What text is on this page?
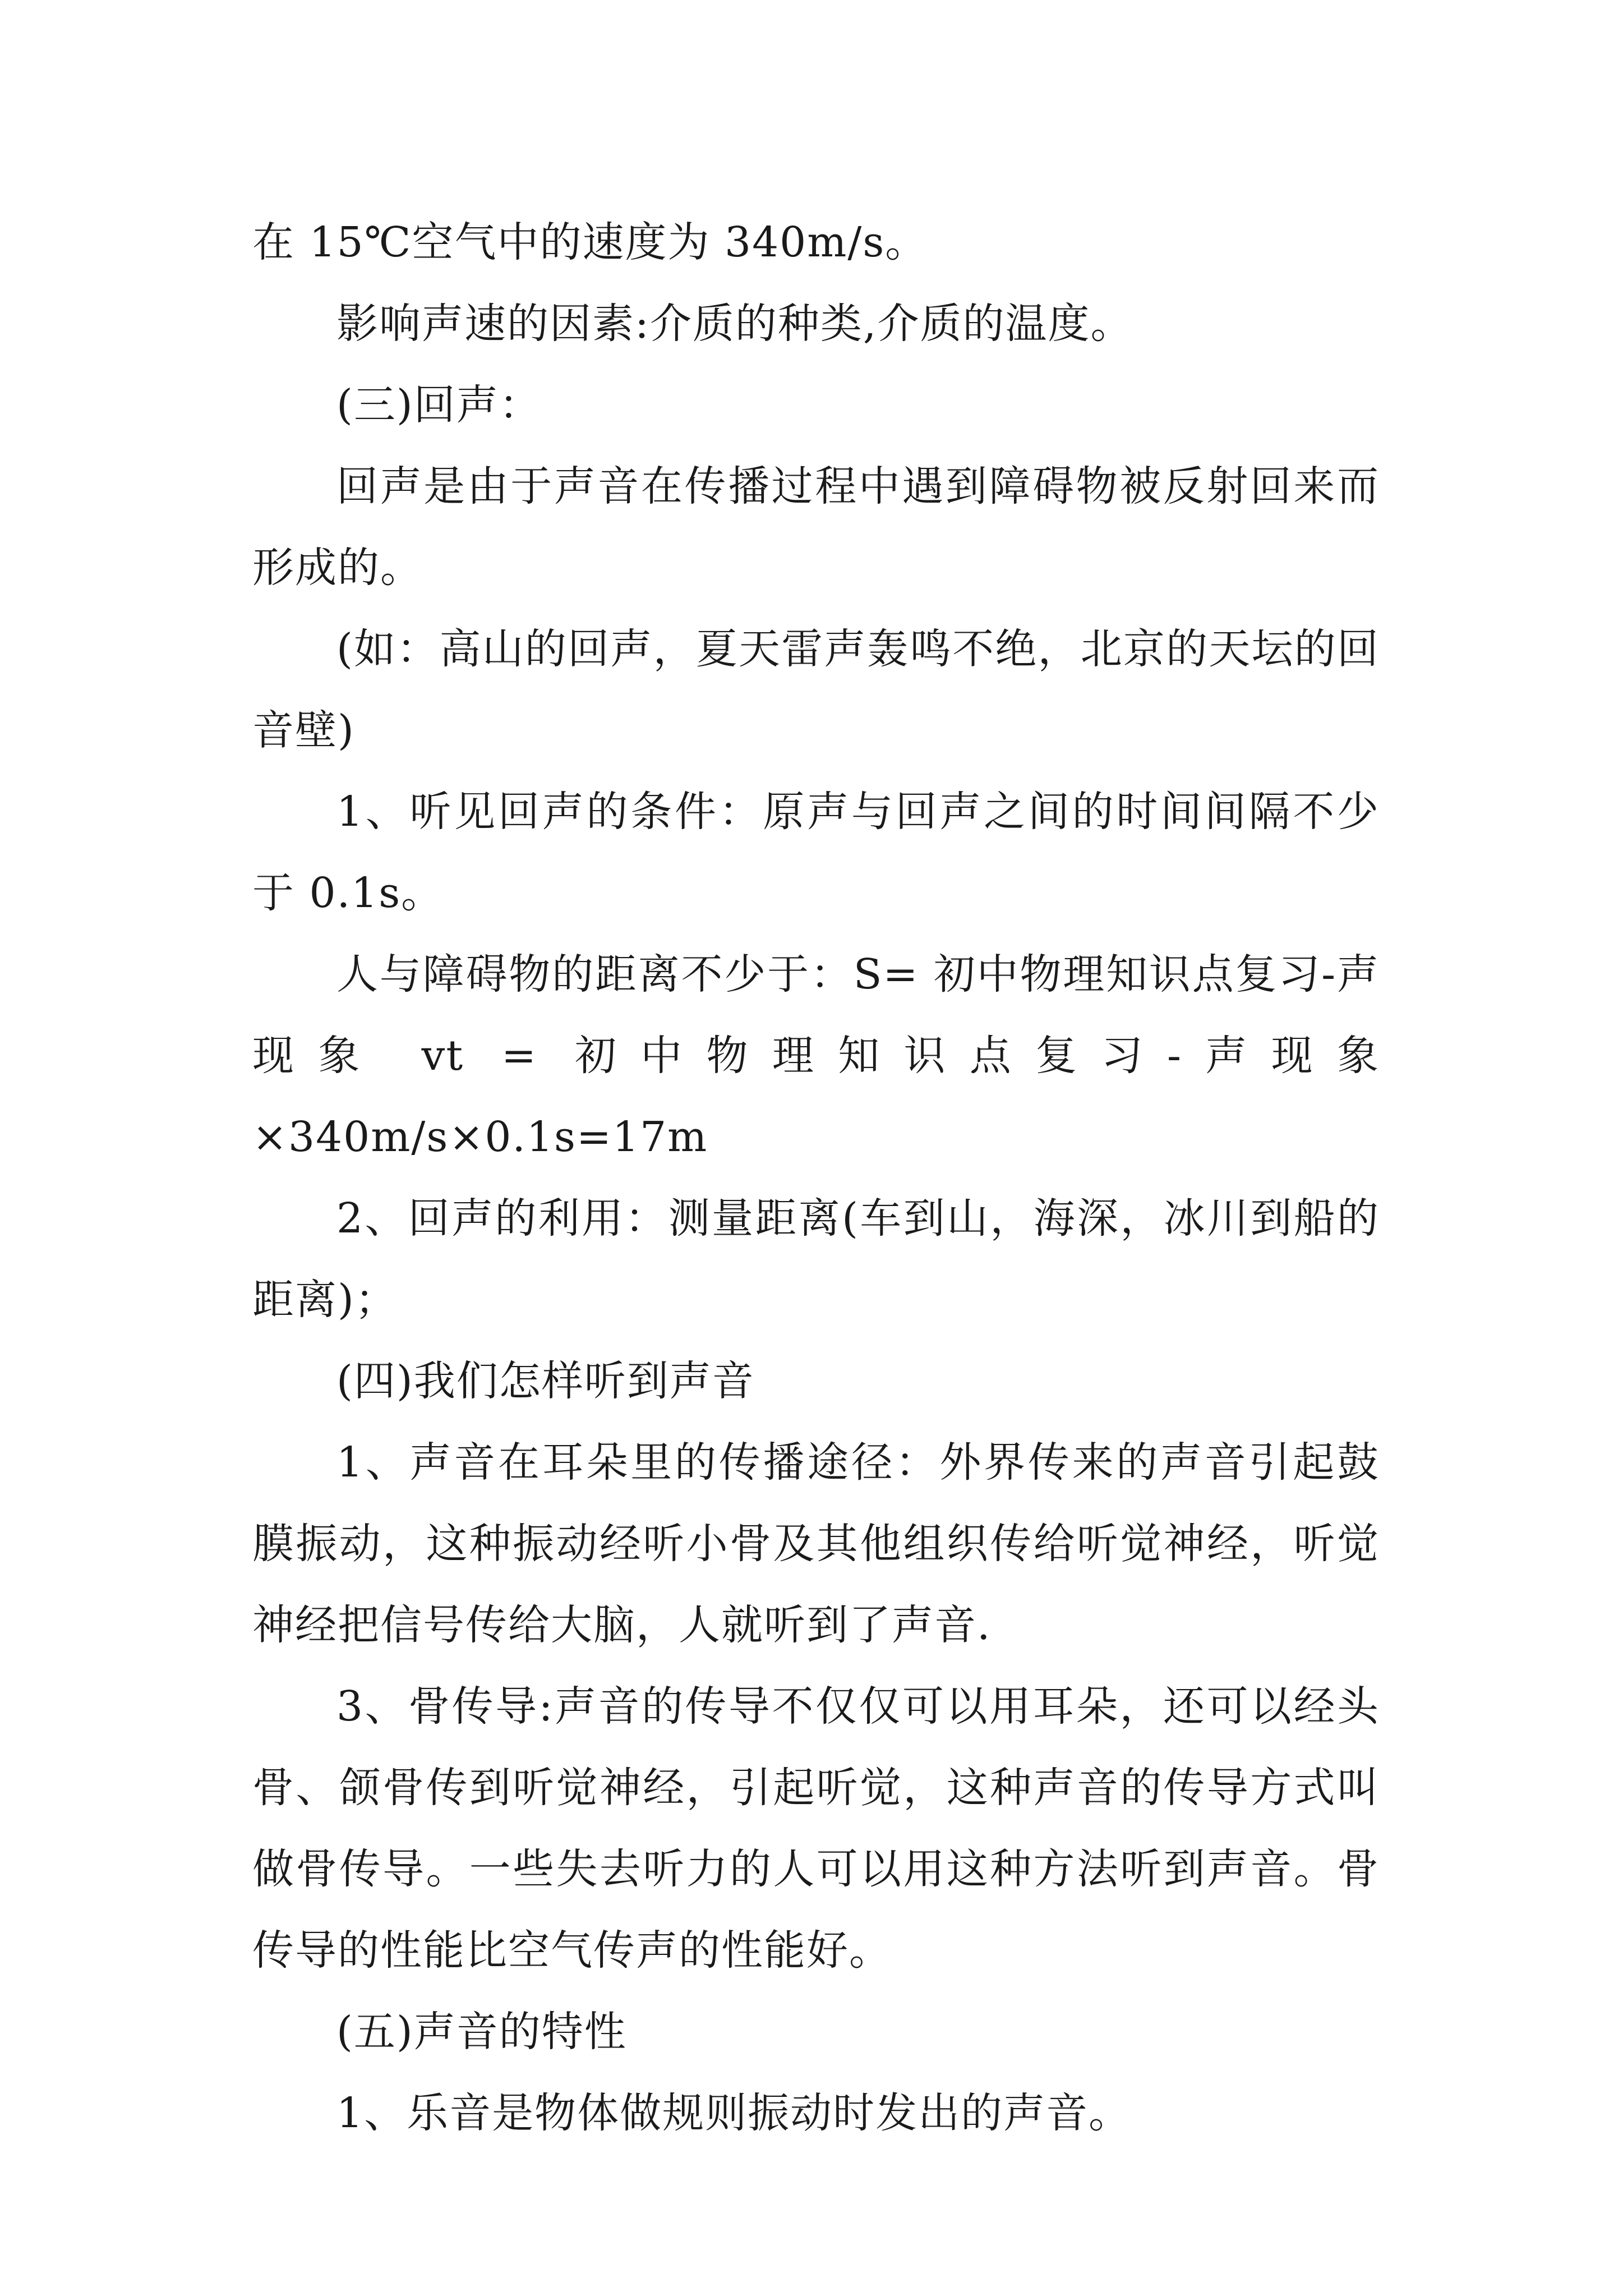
在 15℃空气中的速度为 340m/s。

影响声速的因素:介质的种类,介质的温度。

(三)回声：

回声是由于声音在传播过程中遇到障碍物被反射回来而形成的。

(如：高山的回声，夏天雷声轰鸣不绝，北京的天坛的回音壁)

1、听见回声的条件：原声与回声之间的时间间隔不少于 0.1s。

人与障碍物的距离不少于：S= 初中物理知识点复习-声现象 vt = 初中物理知识点复习-声现象 ×340m/s×0.1s=17m

2、回声的利用：测量距离(车到山，海深，冰川到船的距离)；

(四)我们怎样听到声音

1、声音在耳朵里的传播途径：外界传来的声音引起鼓膜振动，这种振动经听小骨及其他组织传给听觉神经，听觉神经把信号传给大脑，人就听到了声音.

3、骨传导:声音的传导不仅仅可以用耳朵，还可以经头骨、颌骨传到听觉神经，引起听觉，这种声音的传导方式叫做骨传导。一些失去听力的人可以用这种方法听到声音。骨传导的性能比空气传声的性能好。

(五)声音的特性

1、乐音是物体做规则振动时发出的声音。
